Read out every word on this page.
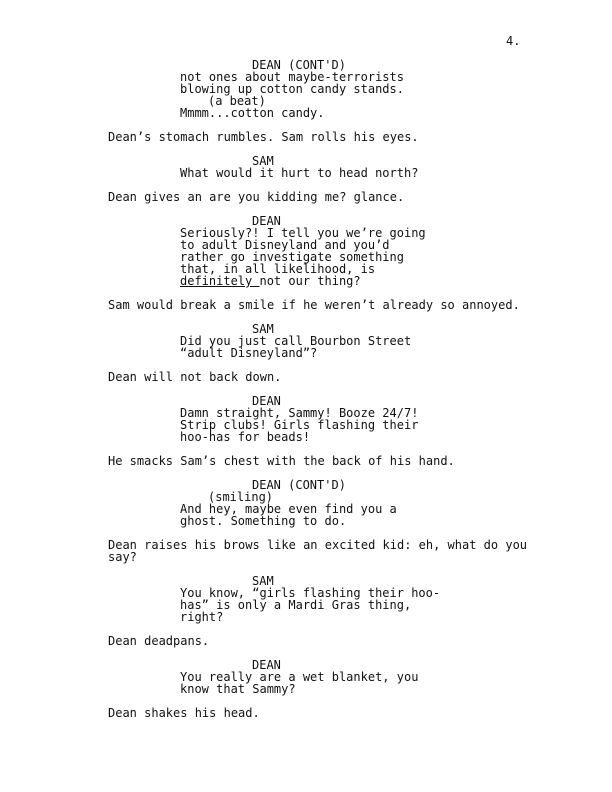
4.
DEAN (CONT'D)
not ones about maybe-terrorists
blowing up cotton candy stands.
(a beat)
Mmmm...cotton candy.
Dean’s stomach rumbles. Sam rolls his eyes.
SAM
What would it hurt to head north?
Dean gives an are you kidding me? glance.
DEAN
Seriously?! I tell you we’re going
to adult Disneyland and you’d
rather go investigate something
that, in all likelihood, is
definitely not our thing?
Sam would break a smile if he weren’t already so annoyed.
SAM
Did you just call Bourbon Street
“adult Disneyland”?
Dean will not back down.
DEAN
Damn straight, Sammy! Booze 24/7!
Strip clubs! Girls flashing their
hoo-has for beads!
He smacks Sam’s chest with the back of his hand.
DEAN (CONT'D)
(smiling)
And hey, maybe even find you a
ghost. Something to do.
Dean raises his brows like an excited kid: eh, what do you
say?
SAM
You know, “girls flashing their hoo-
has” is only a Mardi Gras thing,
right?
Dean deadpans.
DEAN
You really are a wet blanket, you
know that Sammy?
Dean shakes his head.
